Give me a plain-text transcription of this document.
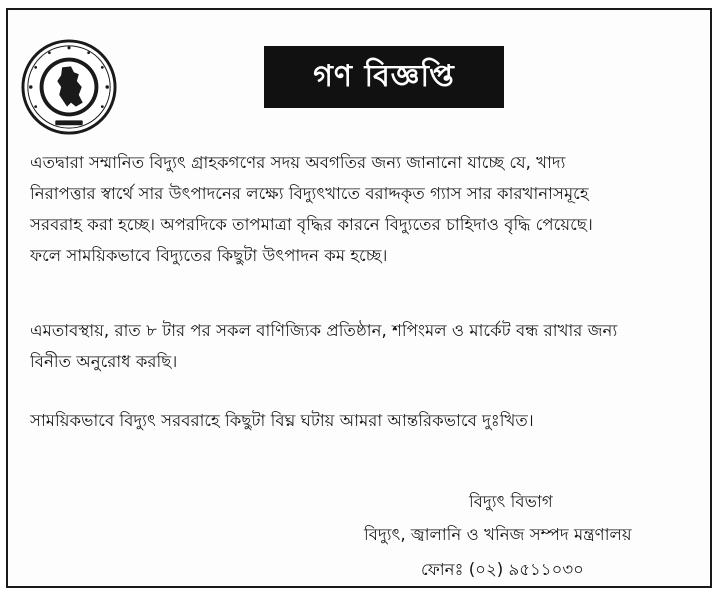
গণ বিজ্ঞপ্তি

এতদ্বারা সম্মানিত বিদ্যুৎ গ্রাহকগণের সদয় অবগতির জন্য জানানো যাচ্ছে যে, খাদ্য
নিরাপত্তার স্বার্থে সার উৎপাদনের লক্ষ্যে বিদ্যুৎখাতে বরাদ্দকৃত গ্যাস সার কারখানাসমূহে
সরবরাহ করা হচ্ছে। অপরদিকে তাপমাত্রা বৃদ্ধির কারনে বিদ্যুতের চাহিদাও বৃদ্ধি পেয়েছে।
ফলে সাময়িকভাবে বিদ্যুতের কিছুটা উৎপাদন কম হচ্ছে।

এমতাবস্থায়, রাত ৮ টার পর সকল বাণিজ্যিক প্রতিষ্ঠান, শপিংমল ও মার্কেট বন্ধ রাখার জন্য
বিনীত অনুরোধ করছি।

সাময়িকভাবে বিদ্যুৎ সরবরাহে কিছুটা বিঘ্ন ঘটায় আমরা আন্তরিকভাবে দুঃখিত।

বিদ্যুৎ বিভাগ
বিদ্যুৎ, জ্বালানি ও খনিজ সম্পদ মন্ত্রণালয়
ফোনঃ (০২) ৯৫১১০৩০
